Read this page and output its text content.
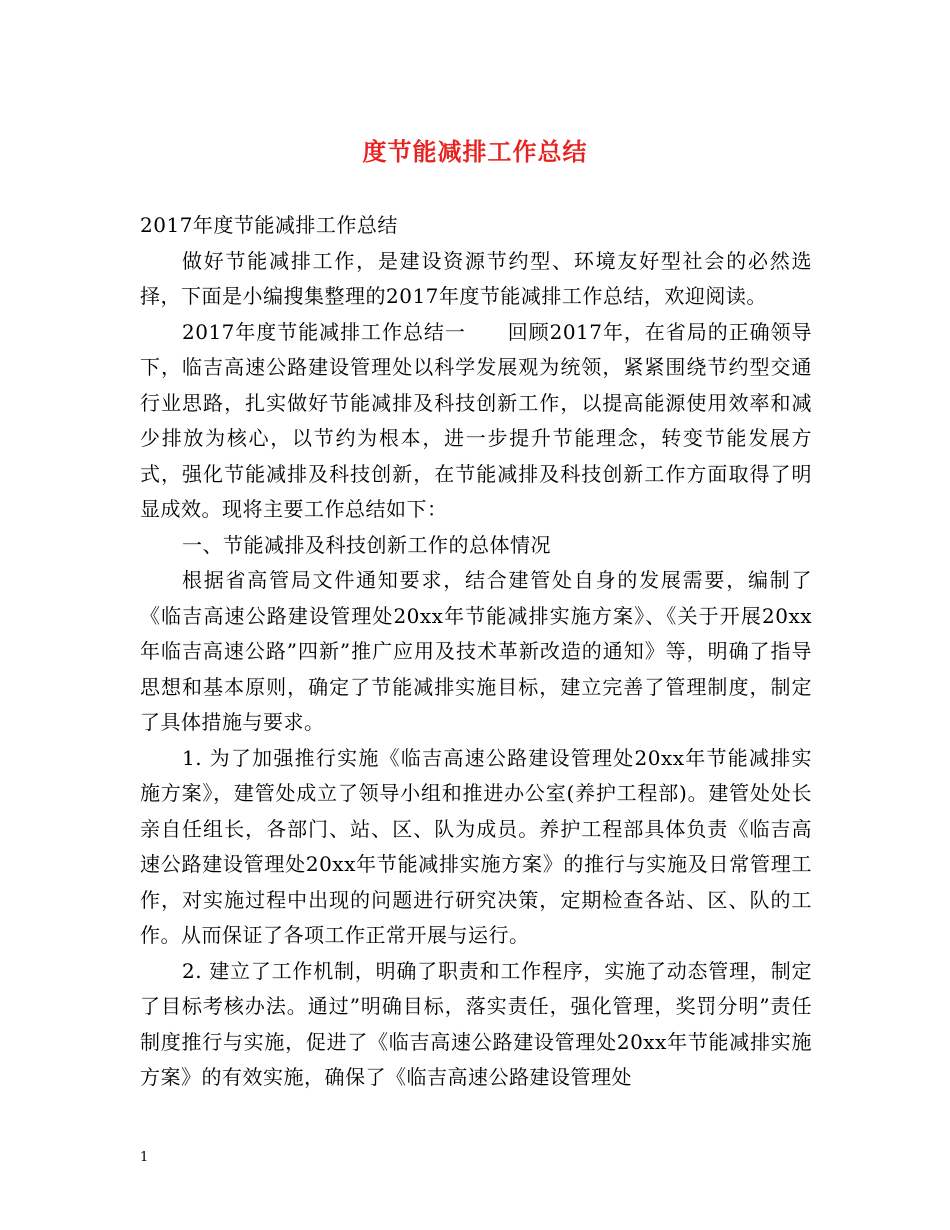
度节能减排工作总结

2017年度节能减排工作总结

做好节能减排工作，是建设资源节约型、环境友好型社会的必然选择，下面是小编搜集整理的2017年度节能减排工作总结，欢迎阅读。

2017年度节能减排工作总结一　　回顾2017年，在省局的正确领导下，临吉高速公路建设管理处以科学发展观为统领，紧紧围绕节约型交通行业思路，扎实做好节能减排及科技创新工作，以提高能源使用效率和减少排放为核心，以节约为根本，进一步提升节能理念，转变节能发展方式，强化节能减排及科技创新，在节能减排及科技创新工作方面取得了明显成效。现将主要工作总结如下：

一、节能减排及科技创新工作的总体情况

根据省高管局文件通知要求，结合建管处自身的发展需要，编制了《临吉高速公路建设管理处20xx年节能减排实施方案》、《关于开展20xx年临吉高速公路”四新”推广应用及技术革新改造的通知》等，明确了指导思想和基本原则，确定了节能减排实施目标，建立完善了管理制度，制定了具体措施与要求。

1. 为了加强推行实施《临吉高速公路建设管理处20xx年节能减排实施方案》，建管处成立了领导小组和推进办公室(养护工程部)。建管处处长亲自任组长，各部门、站、区、队为成员。养护工程部具体负责《临吉高速公路建设管理处20xx年节能减排实施方案》的推行与实施及日常管理工作，对实施过程中出现的问题进行研究决策，定期检查各站、区、队的工作。从而保证了各项工作正常开展与运行。

2. 建立了工作机制，明确了职责和工作程序，实施了动态管理，制定了目标考核办法。通过”明确目标，落实责任，强化管理，奖罚分明”责任制度推行与实施，促进了《临吉高速公路建设管理处20xx年节能减排实施方案》的有效实施，确保了《临吉高速公路建设管理处

1
